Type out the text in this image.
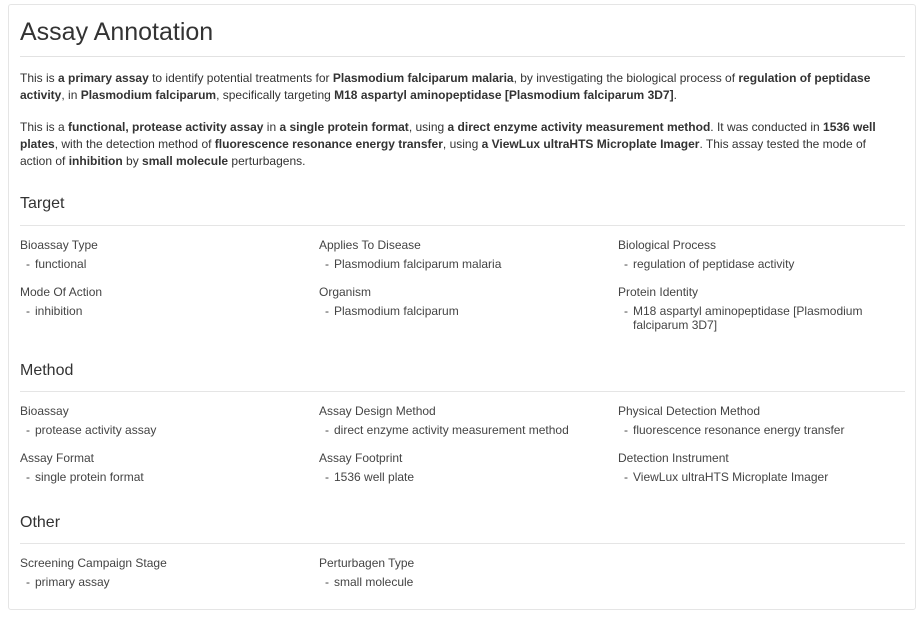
Assay Annotation

This is a primary assay to identify potential treatments for Plasmodium falciparum malaria, by investigating the biological process of regulation of peptidase activity, in Plasmodium falciparum, specifically targeting M18 aspartyl aminopeptidase [Plasmodium falciparum 3D7].

This is a functional, protease activity assay in a single protein format, using a direct enzyme activity measurement method. It was conducted in 1536 well plates, with the detection method of fluorescence resonance energy transfer, using a ViewLux ultraHTS Microplate Imager. This assay tested the mode of action of inhibition by small molecule perturbagens.

Target
Bioassay Type
- functional
Applies To Disease
- Plasmodium falciparum malaria
Biological Process
- regulation of peptidase activity
Mode Of Action
- inhibition
Organism
- Plasmodium falciparum
Protein Identity
- M18 aspartyl aminopeptidase [Plasmodium falciparum 3D7]
Method
Bioassay
- protease activity assay
Assay Design Method
- direct enzyme activity measurement method
Physical Detection Method
- fluorescence resonance energy transfer
Assay Format
- single protein format
Assay Footprint
- 1536 well plate
Detection Instrument
- ViewLux ultraHTS Microplate Imager
Other
Screening Campaign Stage
- primary assay
Perturbagen Type
- small molecule
